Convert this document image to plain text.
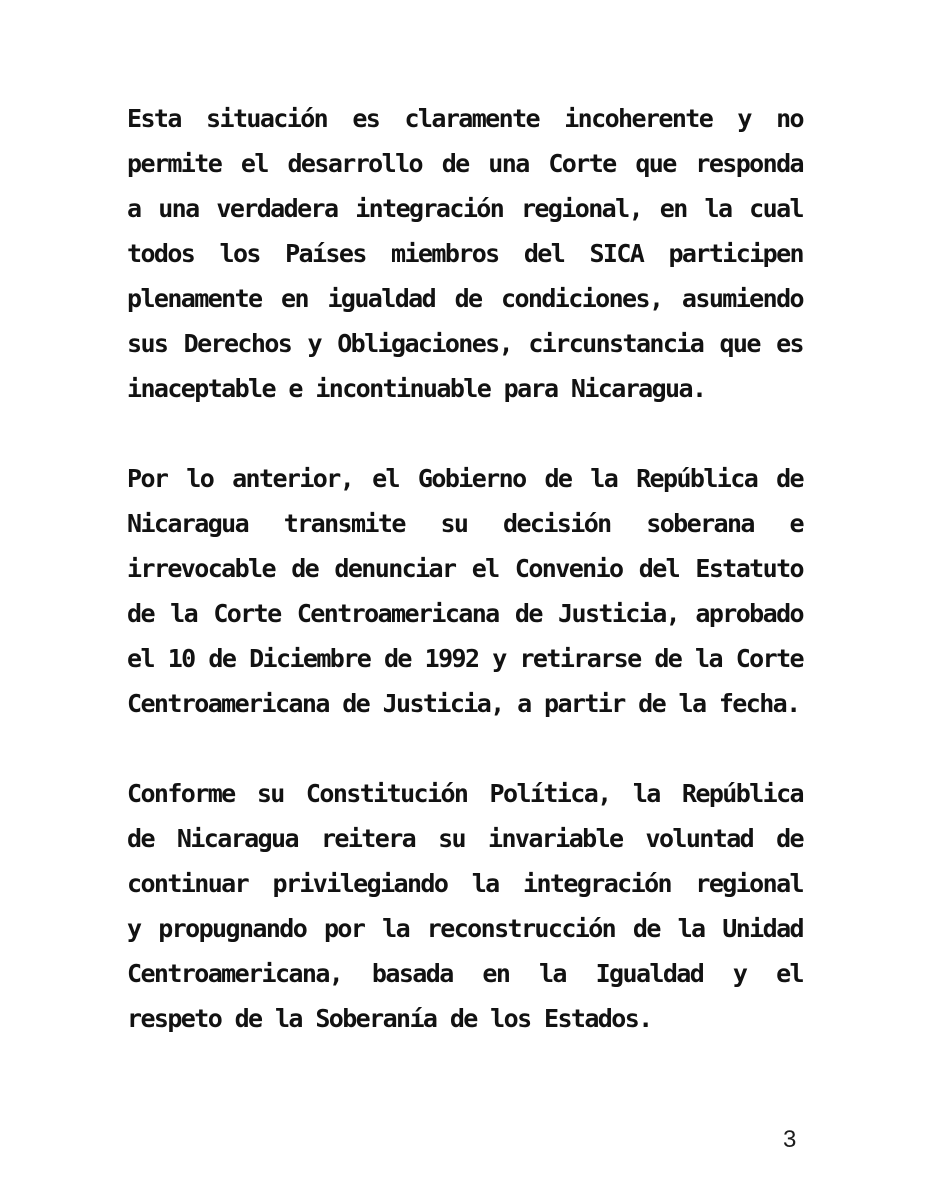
Esta situación es claramente incoherente y no
permite el desarrollo de una Corte que responda
a una verdadera integración regional, en la cual
todos los Países miembros del SICA participen
plenamente en igualdad de condiciones, asumiendo
sus Derechos y Obligaciones, circunstancia que es
inaceptable e incontinuable para Nicaragua.
Por lo anterior, el Gobierno de la República de
Nicaragua transmite su decisión soberana e
irrevocable de denunciar el Convenio del Estatuto
de la Corte Centroamericana de Justicia, aprobado
el 10 de Diciembre de 1992 y retirarse de la Corte
Centroamericana de Justicia, a partir de la fecha.
Conforme su Constitución Política, la República
de Nicaragua reitera su invariable voluntad de
continuar privilegiando la integración regional
y propugnando por la reconstrucción de la Unidad
Centroamericana, basada en la Igualdad y el
respeto de la Soberanía de los Estados.
3
